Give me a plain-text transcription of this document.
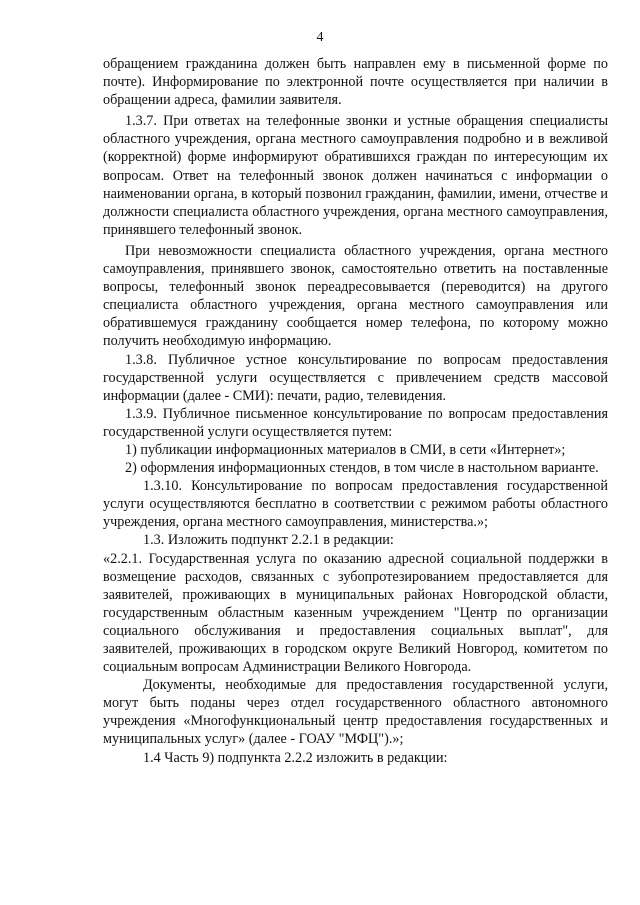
4

обращением гражданина должен быть направлен ему в письменной форме по почте). Информирование по электронной почте осуществляется при наличии в обращении адреса, фамилии заявителя.

1.3.7. При ответах на телефонные звонки и устные обращения специалисты областного учреждения, органа местного самоуправления подробно и в вежливой (корректной) форме информируют обратившихся граждан по интересующим их вопросам. Ответ на телефонный звонок должен начинаться с информации о наименовании органа, в который позвонил гражданин, фамилии, имени, отчестве и должности специалиста областного учреждения, органа местного самоуправления, принявшего телефонный звонок.

При невозможности специалиста областного учреждения, органа местного самоуправления, принявшего звонок, самостоятельно ответить на поставленные вопросы, телефонный звонок переадресовывается (переводится) на другого специалиста областного учреждения, органа местного самоуправления или обратившемуся гражданину сообщается номер телефона, по которому можно получить необходимую информацию.

1.3.8. Публичное устное консультирование по вопросам предоставления государственной услуги осуществляется с привлечением средств массовой информации (далее - СМИ): печати, радио, телевидения.

1.3.9. Публичное письменное консультирование по вопросам предоставления государственной услуги осуществляется путем:

1) публикации информационных материалов в СМИ, в сети «Интернет»;

2) оформления информационных стендов, в том числе в настольном варианте.

1.3.10. Консультирование по вопросам предоставления государственной услуги осуществляются бесплатно в соответствии с режимом работы областного учреждения, органа местного самоуправления, министерства.»;

1.3. Изложить подпункт 2.2.1 в редакции:

«2.2.1. Государственная услуга по оказанию адресной социальной поддержки в возмещение расходов, связанных с зубопротезированием предоставляется для заявителей, проживающих в муниципальных районах Новгородской области, государственным областным казенным учреждением "Центр по организации социального обслуживания и предоставления социальных выплат", для заявителей, проживающих в городском округе Великий Новгород, комитетом по социальным вопросам Администрации Великого Новгорода.

Документы, необходимые для предоставления государственной услуги, могут быть поданы через отдел государственного областного автономного учреждения «Многофункциональный центр предоставления государственных и муниципальных услуг» (далее - ГОАУ "МФЦ").»;

1.4 Часть 9) подпункта 2.2.2 изложить в редакции:
